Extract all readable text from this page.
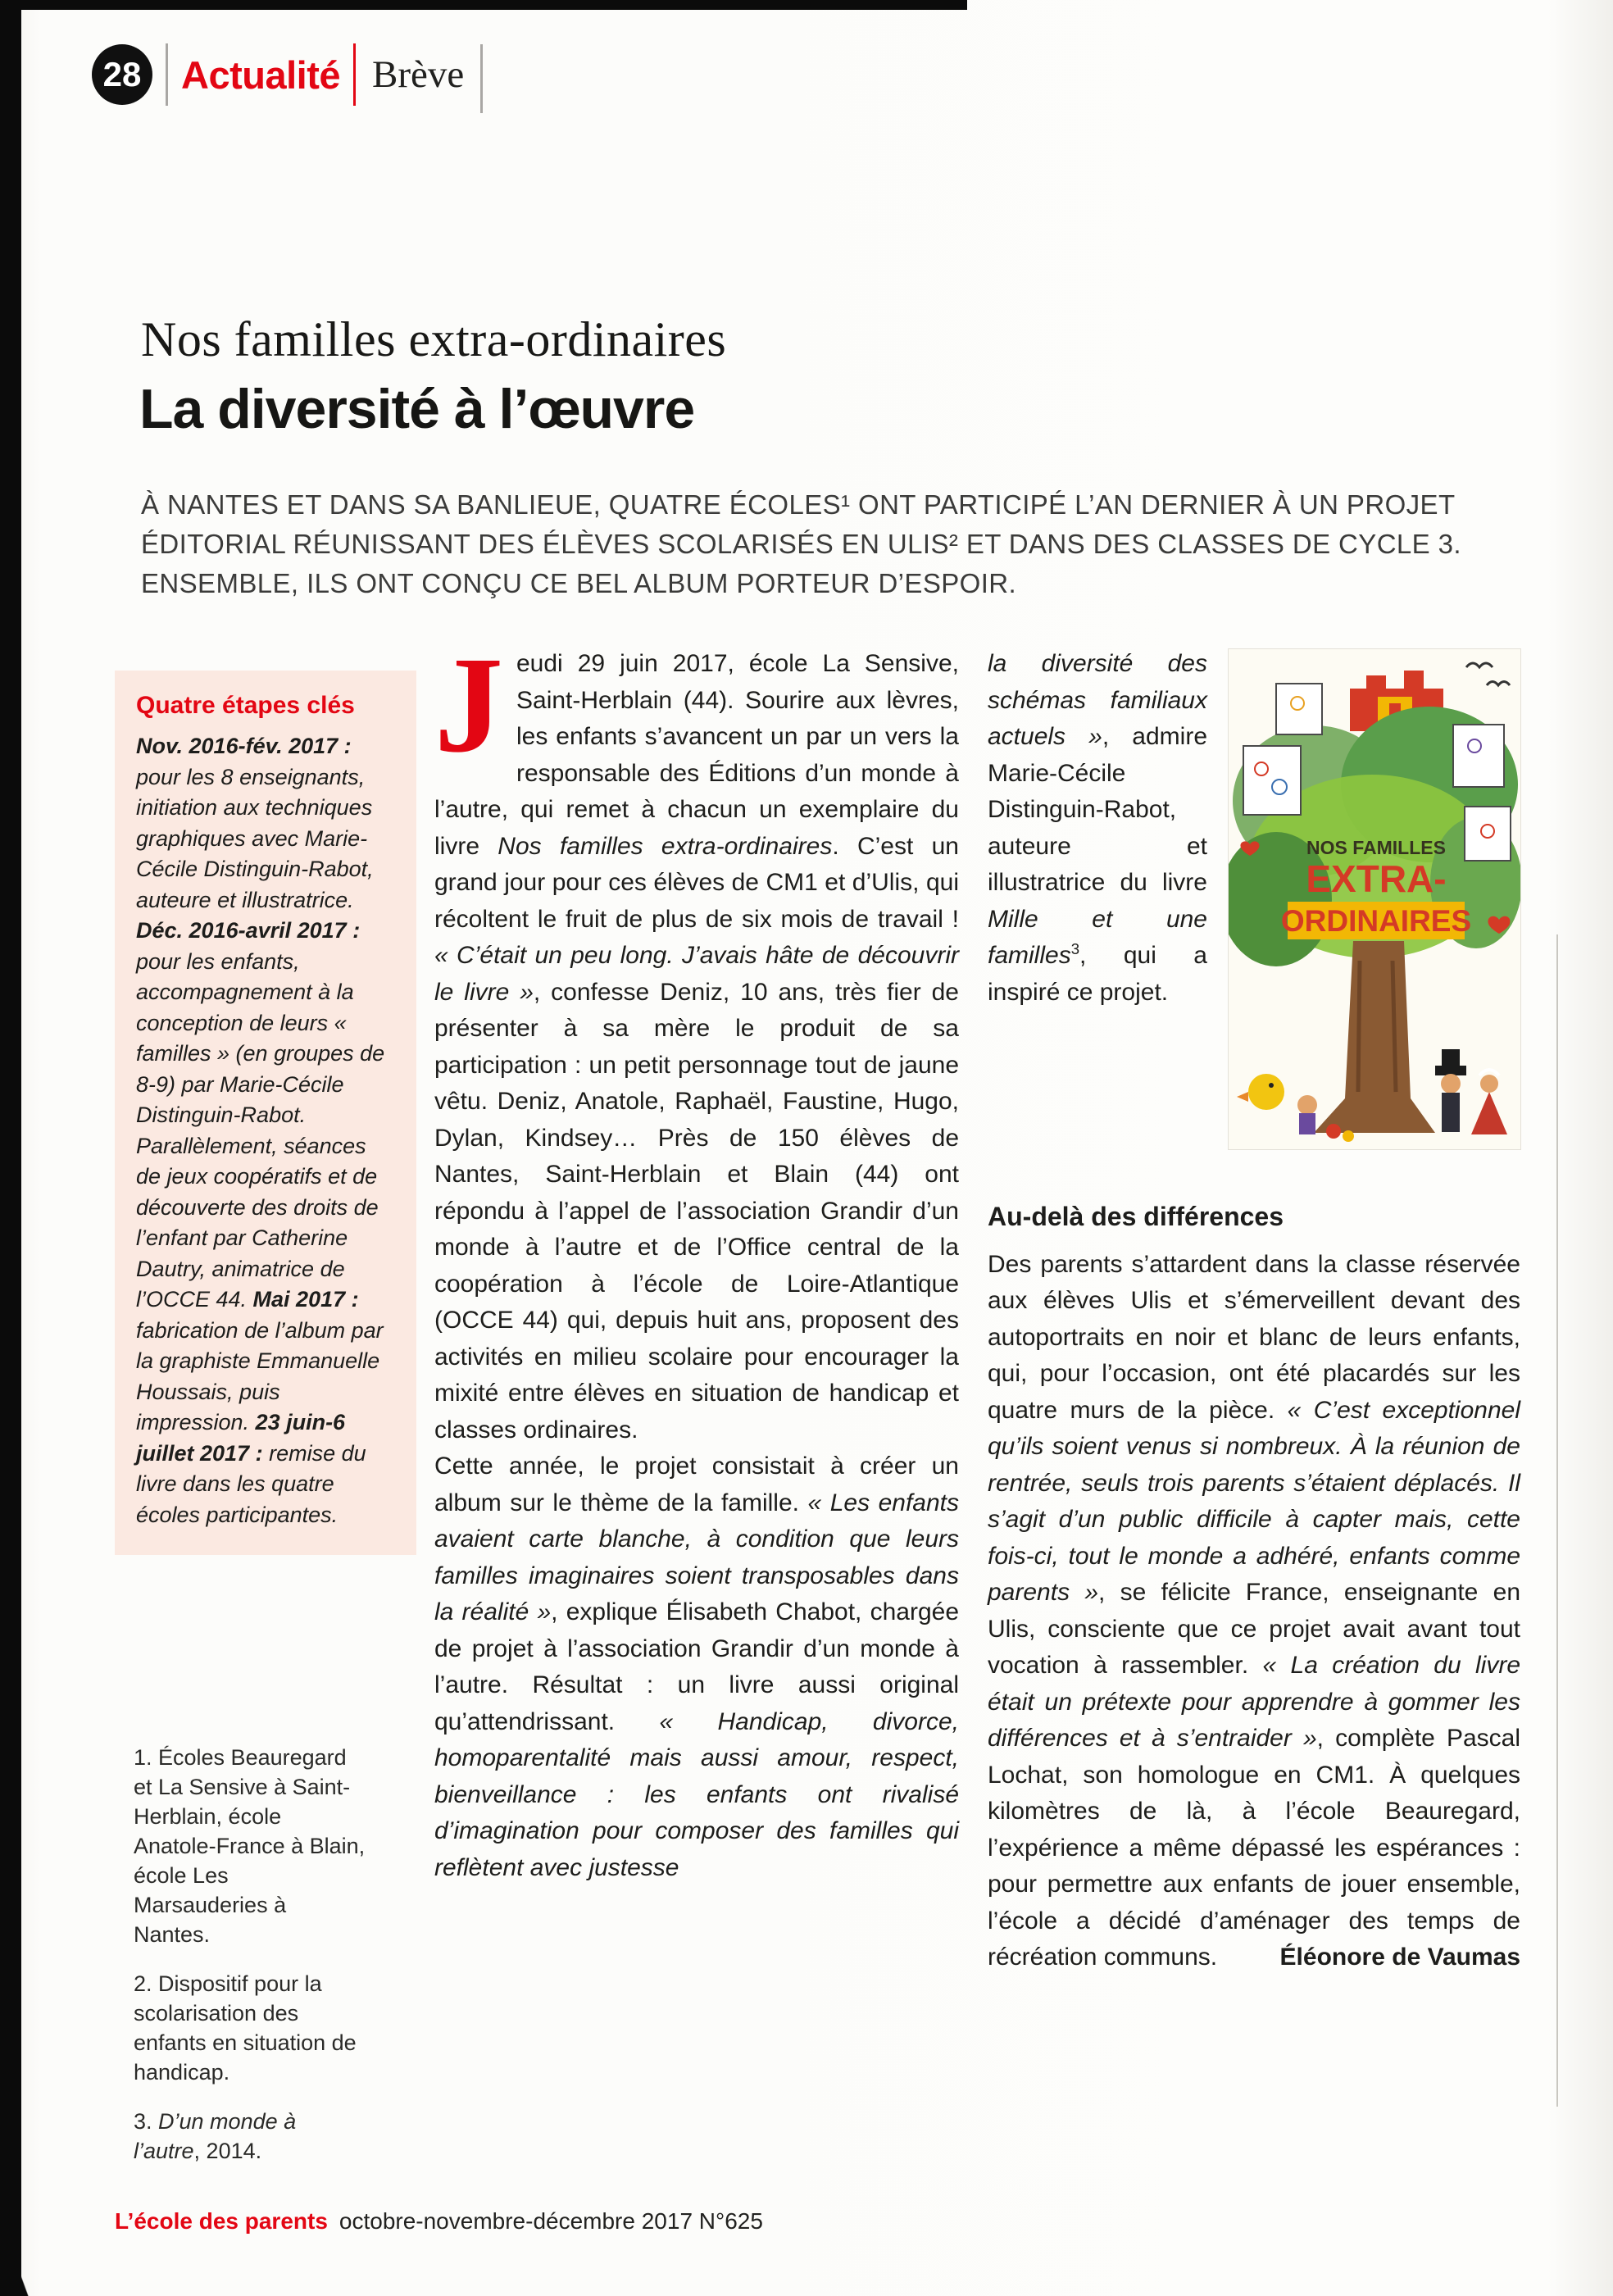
28	Actualité Brève
Nos familles extra-ordinaires
La diversité à l’œuvre
À NANTES ET DANS SA BANLIEUE, QUATRE ÉCOLES¹ ONT PARTICIPÉ L’AN DERNIER À UN PROJET ÉDITORIAL RÉUNISSANT DES ÉLÈVES SCOLARISÉS EN ULIS² ET DANS DES CLASSES DE CYCLE 3. ENSEMBLE, ILS ONT CONÇU CE BEL ALBUM PORTEUR D’ESPOIR.
Quatre étapes clés
Nov. 2016-fév. 2017 : pour les 8 enseignants, initiation aux techniques graphiques avec Marie-Cécile Distinguin-Rabot, auteure et illustratrice. Déc. 2016-avril 2017 : pour les enfants, accompagnement à la conception de leurs « familles » (en groupes de 8-9) par Marie-Cécile Distinguin-Rabot. Parallèlement, séances de jeux coopératifs et de découverte des droits de l’enfant par Catherine Dautry, animatrice de l’OCCE 44. Mai 2017 : fabrication de l’album par la graphiste Emmanuelle Houssais, puis impression. 23 juin-6 juillet 2017 : remise du livre dans les quatre écoles participantes.
1. Écoles Beauregard et La Sensive à Saint-Herblain, école Anatole-France à Blain, école Les Marsauderies à Nantes.
2. Dispositif pour la scolarisation des enfants en situation de handicap.
3. D’un monde à l’autre, 2014.

Jeudi 29 juin 2017, école La Sensive, Saint-Herblain (44). Sourire aux lèvres, les enfants s’avancent un par un vers la responsable des Éditions d’un monde à l’autre, qui remet à chacun un exemplaire du livre Nos familles extra-ordinaires. C’est un grand jour pour ces élèves de CM1 et d’Ulis, qui récoltent le fruit de plus de six mois de travail ! « C’était un peu long. J’avais hâte de découvrir le livre », confesse Deniz, 10 ans, très fier de présenter à sa mère le produit de sa participation : un petit personnage tout de jaune vêtu. Deniz, Anatole, Raphaël, Faustine, Hugo, Dylan, Kindsey… Près de 150 élèves de Nantes, Saint-Herblain et Blain (44) ont répondu à l’appel de l’association Grandir d’un monde à l’autre et de l’Office central de la coopération à l’école de Loire-Atlantique (OCCE 44) qui, depuis huit ans, proposent des activités en milieu scolaire pour encourager la mixité entre élèves en situation de handicap et classes ordinaires.

Cette année, le projet consistait à créer un album sur le thème de la famille. « Les enfants avaient carte blanche, à condition que leurs familles imaginaires soient transposables dans la réalité », explique Élisabeth Chabot, chargée de projet à l’association Grandir d’un monde à l’autre. Résultat : un livre aussi original qu’attendrissant. « Handicap, divorce, homoparentalité mais aussi amour, respect, bienveillance : les enfants ont rivalisé d’imagination pour composer des familles qui reflètent avec justesse

NOS FAMILLES
EXTRA-
ORDINAIRES

la diversité des schémas familiaux actuels », admire Marie-Cécile Distinguin-Rabot, auteure et illustratrice du livre Mille et une familles$^3$, qui a inspiré ce projet.

Au-delà des différences

Des parents s’attardent dans la classe réservée aux élèves Ulis et s’émerveillent devant des autoportraits en noir et blanc de leurs enfants, qui, pour l’occasion, ont été placardés sur les quatre murs de la pièce. « C’est exceptionnel qu’ils soient venus si nombreux. À la réunion de rentrée, seuls trois parents s’étaient déplacés. Il s’agit d’un public difficile à capter mais, cette fois-ci, tout le monde a adhéré, enfants comme parents », se félicite France, enseignante en Ulis, consciente que ce projet avait avant tout vocation à rassembler. « La création du livre était un prétexte pour apprendre à gommer les différences et à s’entraider », complète Pascal Lochat, son homologue en CM1. À quelques kilomètres de là, à l’école Beauregard, l’expérience a même dépassé les espérances : pour permettre aux enfants de jouer ensemble, l’école a décidé d’aménager des temps de récréation communs.	Éléonore de Vaumas

L’école des parents octobre-novembre-décembre 2017 N°625
